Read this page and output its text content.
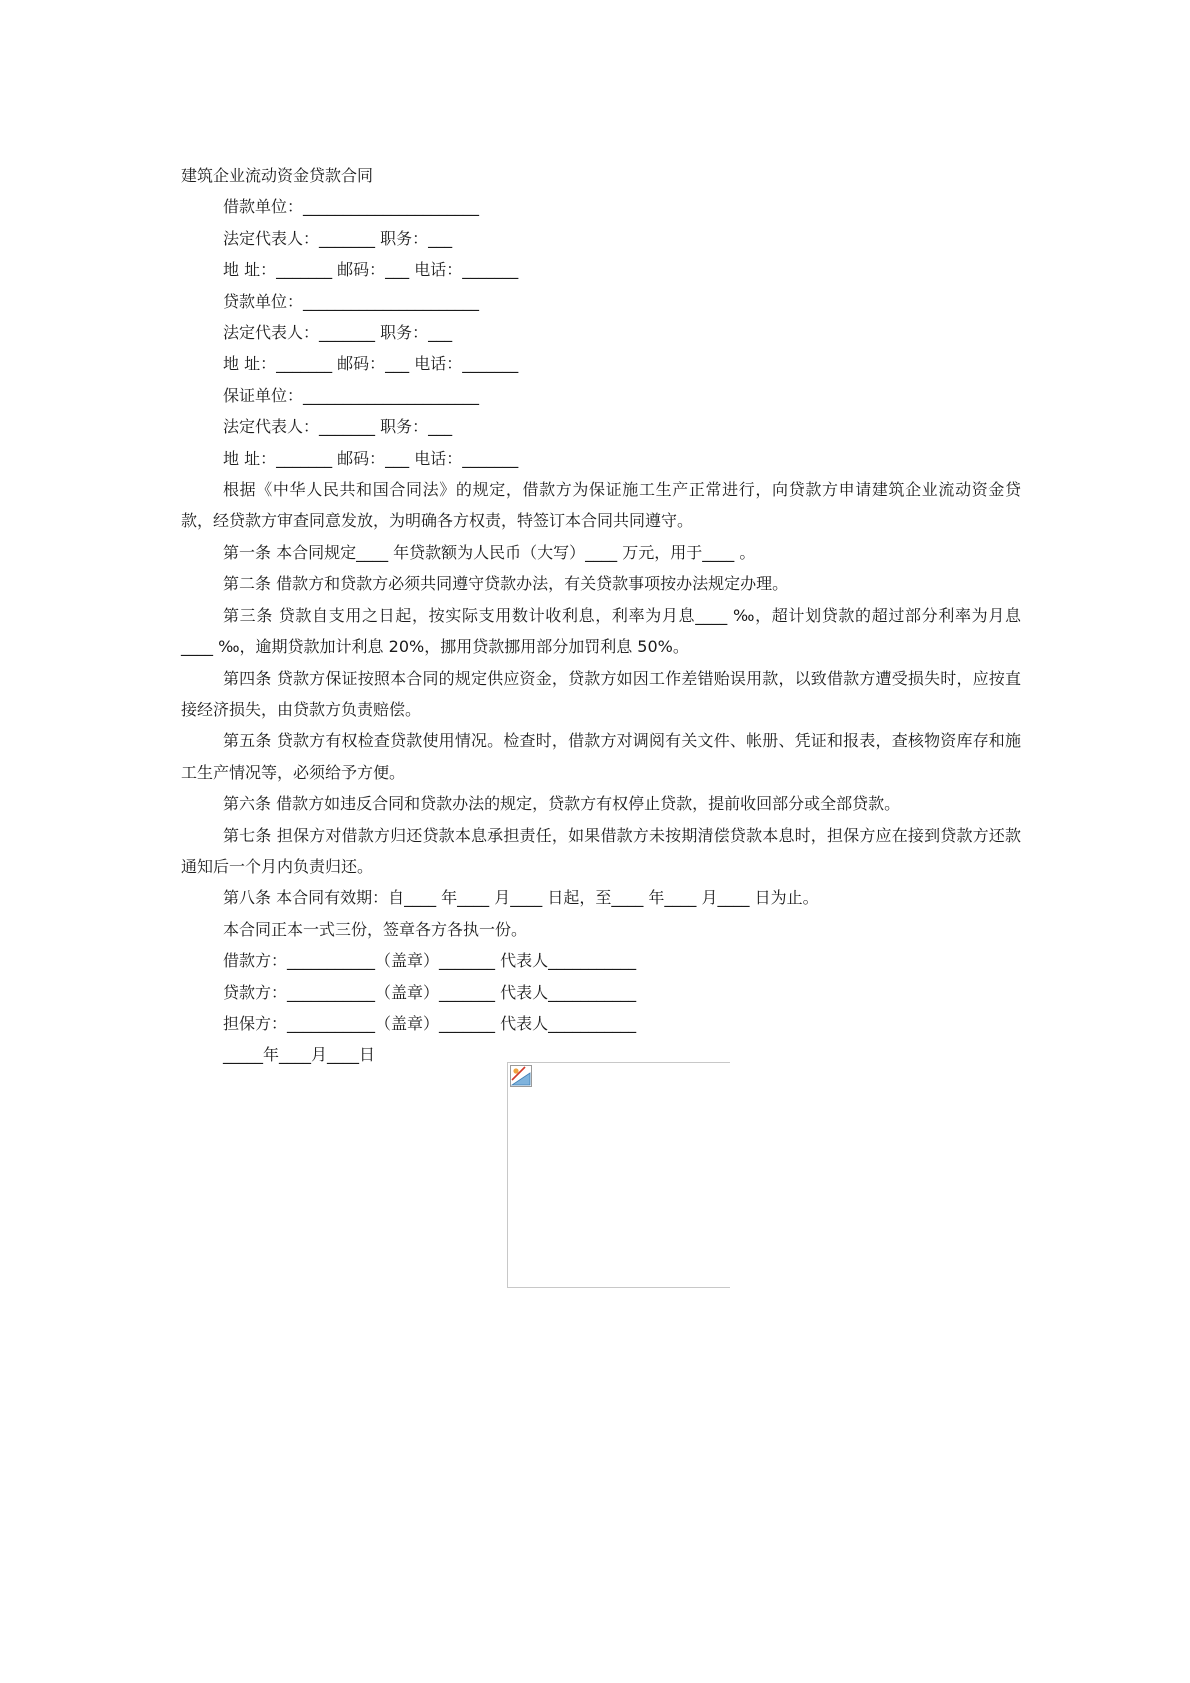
建筑企业流动资金贷款合同

借款单位：______________________

法定代表人：_______ 职务：___

地 址：_______ 邮码：___ 电话：_______

贷款单位：______________________

法定代表人：_______ 职务：___

地 址：_______ 邮码：___ 电话：_______

保证单位：______________________

法定代表人：_______ 职务：___

地 址：_______ 邮码：___ 电话：_______

根据《中华人民共和国合同法》的规定，借款方为保证施工生产正常进行，向贷款方申请建筑企业流动资金贷款，经贷款方审查同意发放，为明确各方权责，特签订本合同共同遵守。

第一条 本合同规定____ 年贷款额为人民币（大写）____ 万元，用于____ 。

第二条 借款方和贷款方必须共同遵守贷款办法，有关贷款事项按办法规定办理。

第三条 贷款自支用之日起，按实际支用数计收利息，利率为月息____ ‰，超计划贷款的超过部分利率为月息____ ‰，逾期贷款加计利息 20%，挪用贷款挪用部分加罚利息 50%。

第四条 贷款方保证按照本合同的规定供应资金，贷款方如因工作差错贻误用款，以致借款方遭受损失时，应按直接经济损失，由贷款方负责赔偿。

第五条 贷款方有权检查贷款使用情况。检查时，借款方对调阅有关文件、帐册、凭证和报表，查核物资库存和施工生产情况等，必须给予方便。

第六条 借款方如违反合同和贷款办法的规定，贷款方有权停止贷款，提前收回部分或全部贷款。

第七条 担保方对借款方归还贷款本息承担责任，如果借款方未按期清偿贷款本息时，担保方应在接到贷款方还款通知后一个月内负责归还。

第八条 本合同有效期：自____ 年____ 月____ 日起，至____ 年____ 月____ 日为止。

本合同正本一式三份，签章各方各执一份。

借款方：___________（盖章）_______ 代表人___________

贷款方：___________（盖章）_______ 代表人___________

担保方：___________（盖章）_______ 代表人___________

_____年____月____日
